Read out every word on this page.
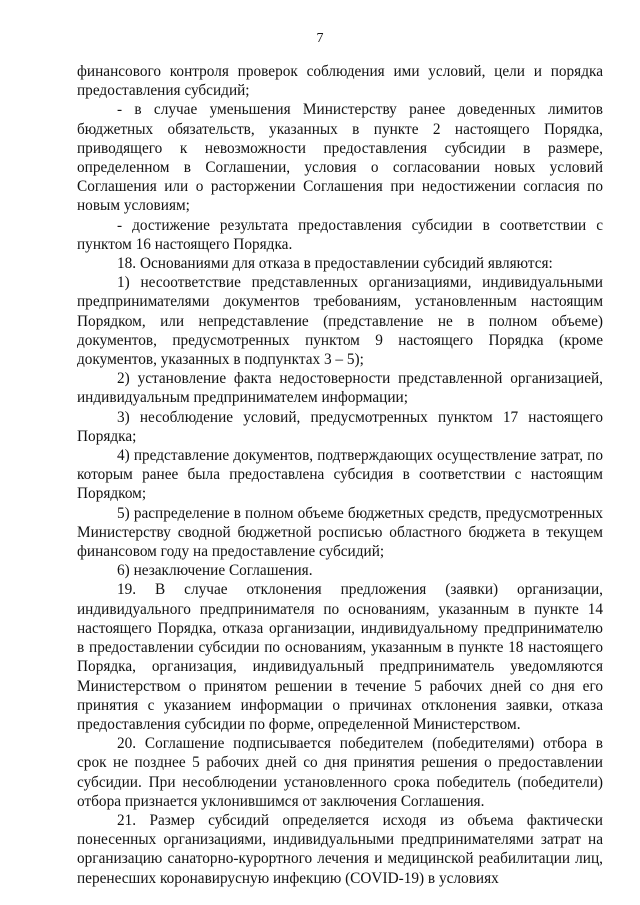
7

финансового контроля проверок соблюдения ими условий, цели и порядка предоставления субсидий;

- в случае уменьшения Министерству ранее доведенных лимитов бюджетных обязательств, указанных в пункте 2 настоящего Порядка, приводящего к невозможности предоставления субсидии в размере, определенном в Соглашении, условия о согласовании новых условий Соглашения или о расторжении Соглашения при недостижении согласия по новым условиям;

- достижение результата предоставления субсидии в соответствии с пунктом 16 настоящего Порядка.

18. Основаниями для отказа в предоставлении субсидий являются:

1) несоответствие представленных организациями, индивидуальными предпринимателями документов требованиям, установленным настоящим Порядком, или непредставление (представление не в полном объеме) документов, предусмотренных пунктом 9 настоящего Порядка (кроме документов, указанных в подпунктах 3 – 5);

2) установление факта недостоверности представленной организацией, индивидуальным предпринимателем информации;

3) несоблюдение условий, предусмотренных пунктом 17 настоящего Порядка;

4) представление документов, подтверждающих осуществление затрат, по которым ранее была предоставлена субсидия в соответствии с настоящим Порядком;

5) распределение в полном объеме бюджетных средств, предусмотренных Министерству сводной бюджетной росписью областного бюджета в текущем финансовом году на предоставление субсидий;

6) незаключение Соглашения.

19. В случае отклонения предложения (заявки) организации, индивидуального предпринимателя по основаниям, указанным в пункте 14 настоящего Порядка, отказа организации, индивидуальному предпринимателю в предоставлении субсидии по основаниям, указанным в пункте 18 настоящего Порядка, организация, индивидуальный предприниматель уведомляются Министерством о принятом решении в течение 5 рабочих дней со дня его принятия с указанием информации о причинах отклонения заявки, отказа предоставления субсидии по форме, определенной Министерством.

20. Соглашение подписывается победителем (победителями) отбора в срок не позднее 5 рабочих дней со дня принятия решения о предоставлении субсидии. При несоблюдении установленного срока победитель (победители) отбора признается уклонившимся от заключения Соглашения.

21. Размер субсидий определяется исходя из объема фактически понесенных организациями, индивидуальными предпринимателями затрат на организацию санаторно-курортного лечения и медицинской реабилитации лиц, перенесших коронавирусную инфекцию (COVID-19) в условиях
